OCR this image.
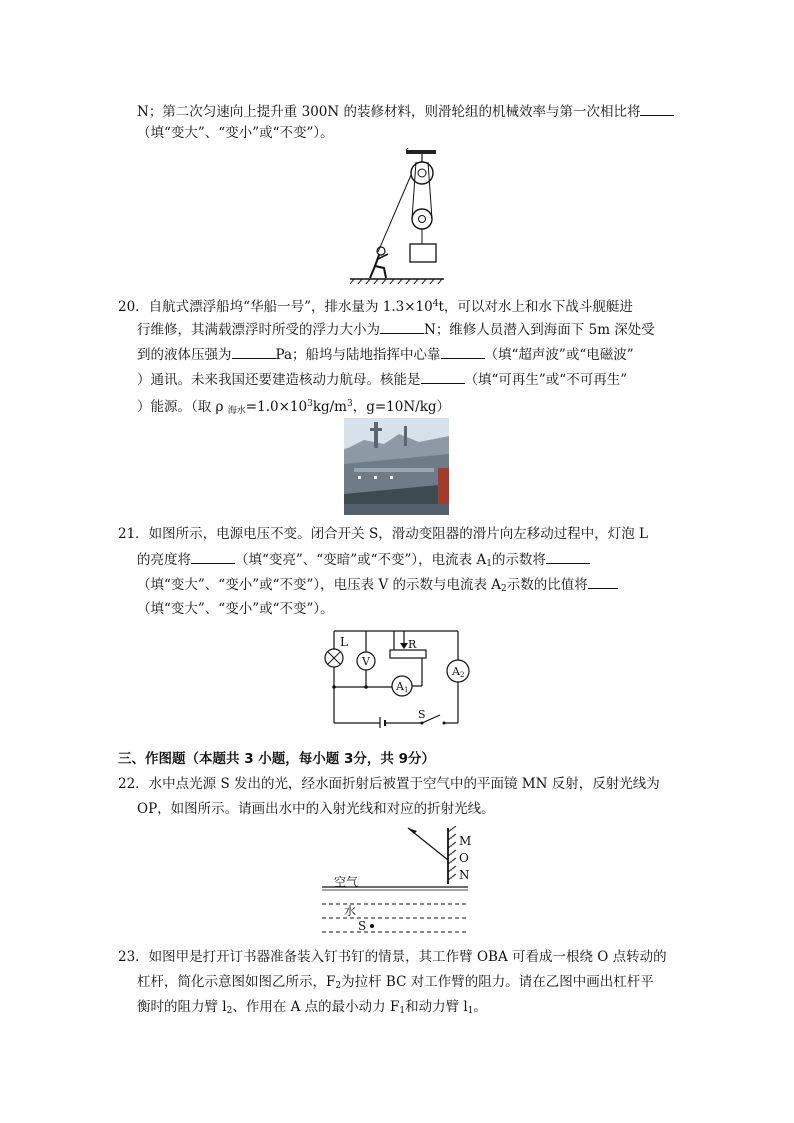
N；第二次匀速向上提升重 300N 的装修材料，则滑轮组的机械效率与第一次相比将
（填“变大”、“变小”或“不变”）。
20．自航式漂浮船坞“华船一号”，排水量为 $1.3\times 10^4t$，可以对水上和水下战斗舰艇进
行维修，其满载漂浮时所受的浮力大小为	N；维修人员潜入到海面下 5m 深处受
到的液体压强为	Pa；船坞与陆地指挥中心靠	（填“超声波”或“电磁波”
）通讯。未来我国还要建造核动力航母。核能是	（填“可再生”或“不可再生”
）能源。（取 ρ $_{海水}=1.0\times 10^3kg/m^3$，g=10N/kg）
21．如图所示，电源电压不变。闭合开关 S，滑动变阻器的滑片向左移动过程中，灯泡 L
的亮度将	（填“变亮”、“变暗”或“不变”），电流表 $A_1$的示数将
（填“变大”、“变小”或“不变”），电压表 V 的示数与电流表 $A_2$示数的比值将
（填“变大”、“变小”或“不变”）。
S
L
V
A1
R
A2
三、作图题（本题共 3 小题，每小题 3分，共 9分）
22．水中点光源 S 发出的光，经水面折射后被置于空气中的平面镜 MN 反射，反射光线为
OP，如图所示。请画出水中的入射光线和对应的折射光线。
M
O
N
空气
水
S
23．如图甲是打开订书器准备装入钉书钉的情景，其工作臂 OBA 可看成一根绕 O 点转动的
杠杆，简化示意图如图乙所示，$F_2$为拉杆 BC 对工作臂的阻力。请在乙图中画出杠杆平
衡时的阻力臂 $l_2$、作用在 A 点的最小动力 $F_1$和动力臂 $l_1$。
